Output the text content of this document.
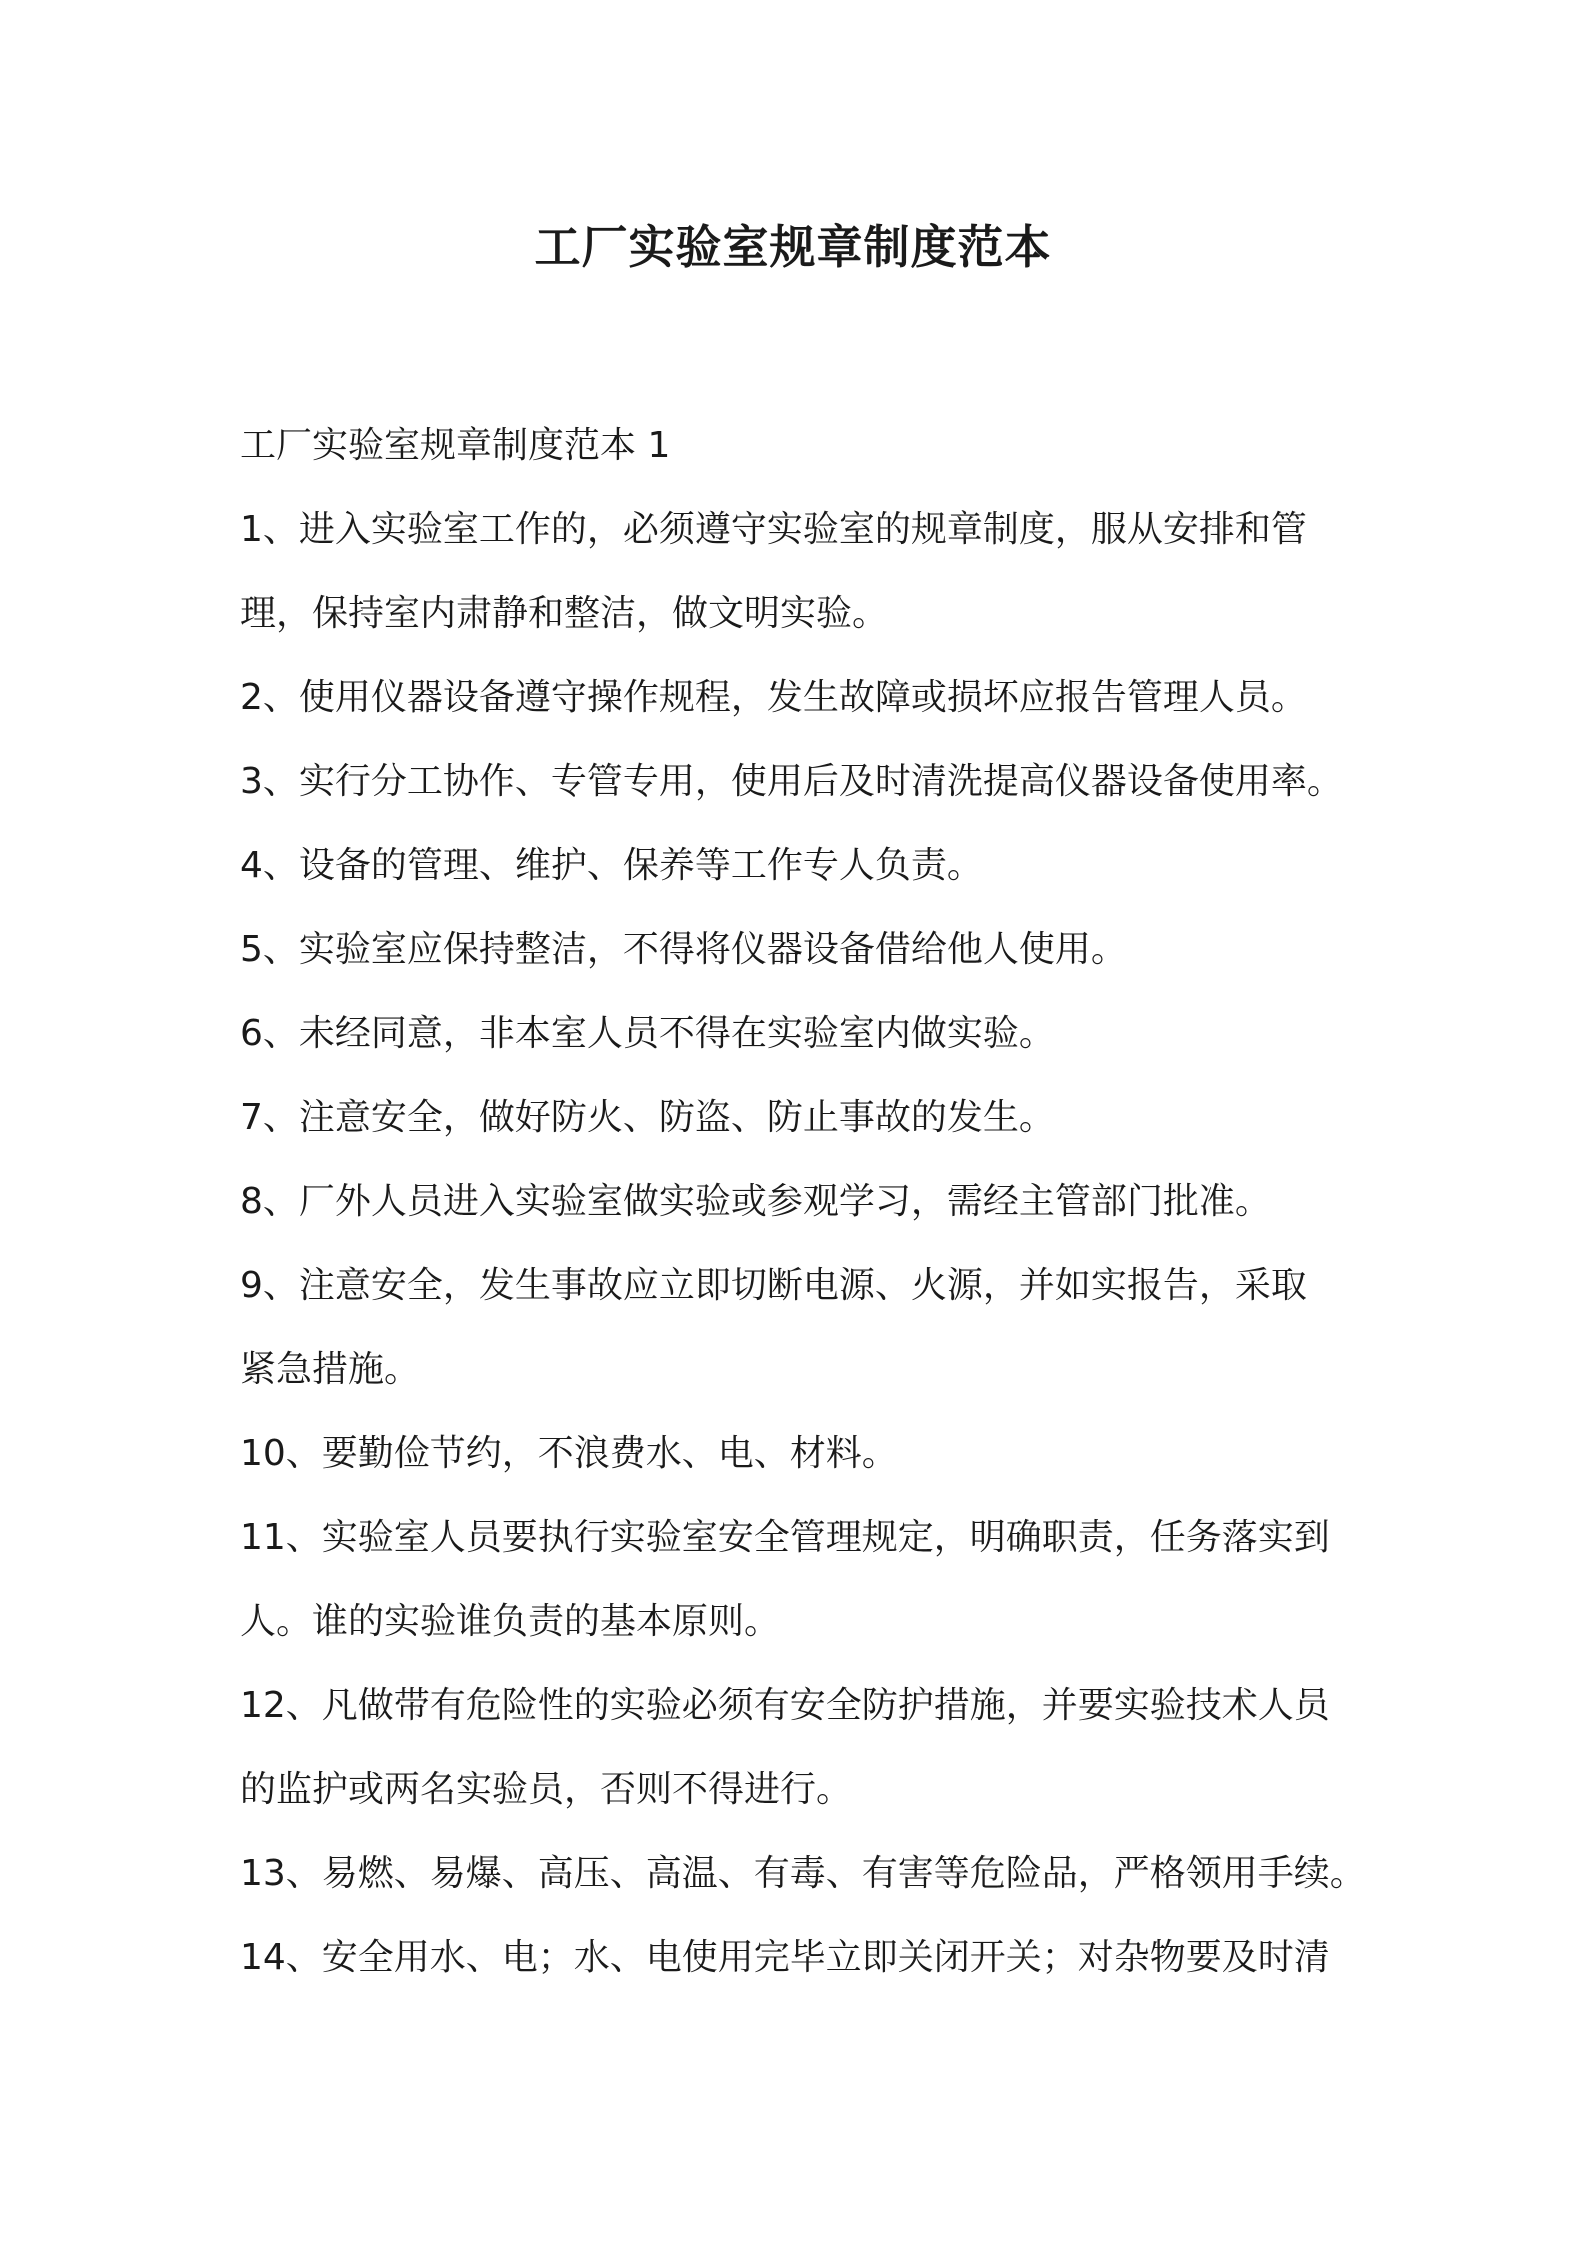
工厂实验室规章制度范本
工厂实验室规章制度范本 1
1、进入实验室工作的，必须遵守实验室的规章制度，服从安排和管
理，保持室内肃静和整洁，做文明实验。
2、使用仪器设备遵守操作规程，发生故障或损坏应报告管理人员。
3、实行分工协作、专管专用，使用后及时清洗提高仪器设备使用率。
4、设备的管理、维护、保养等工作专人负责。
5、实验室应保持整洁，不得将仪器设备借给他人使用。
6、未经同意，非本室人员不得在实验室内做实验。
7、注意安全，做好防火、防盗、防止事故的发生。
8、厂外人员进入实验室做实验或参观学习，需经主管部门批准。
9、注意安全，发生事故应立即切断电源、火源，并如实报告，采取
紧急措施。
10、要勤俭节约，不浪费水、电、材料。
11、实验室人员要执行实验室安全管理规定，明确职责，任务落实到
人。谁的实验谁负责的基本原则。
12、凡做带有危险性的实验必须有安全防护措施，并要实验技术人员
的监护或两名实验员，否则不得进行。
13、易燃、易爆、高压、高温、有毒、有害等危险品，严格领用手续。
14、安全用水、电；水、电使用完毕立即关闭开关；对杂物要及时清
